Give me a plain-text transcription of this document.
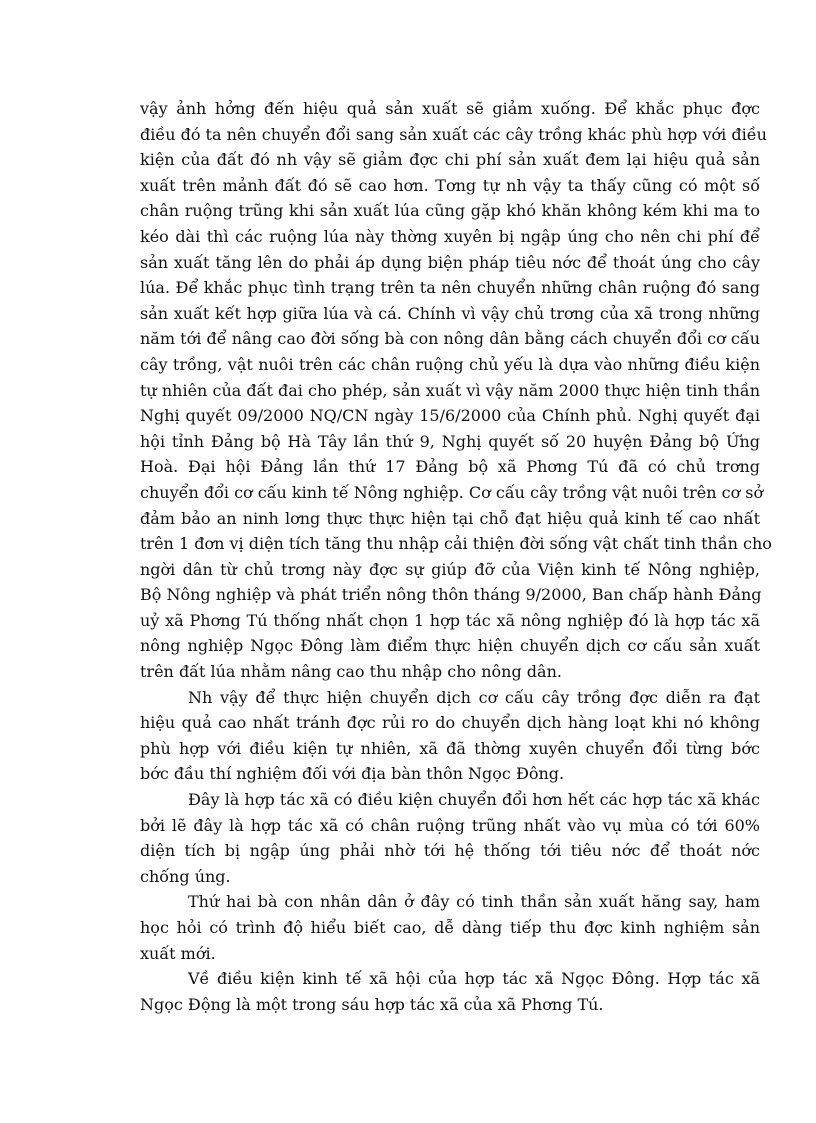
vậy ảnh hởng đến hiệu quả sản xuất sẽ giảm xuống. Để khắc phục đợc
điều đó ta nên chuyển đổi sang sản xuất các cây trồng khác phù hợp với điều
kiện của đất đó nh vậy sẽ giảm đợc chi phí sản xuất đem lại hiệu quả sản
xuất trên mảnh đất đó sẽ cao hơn. Tơng tự nh vậy ta thấy cũng có một số
chân ruộng trũng khi sản xuất lúa cũng gặp khó khăn không kém khi ma to
kéo dài thì các ruộng lúa này thờng xuyên bị ngập úng cho nên chi phí để
sản xuất tăng lên do phải áp dụng biện pháp tiêu nớc để thoát úng cho cây
lúa. Để khắc phục tình trạng trên ta nên chuyển những chân ruộng đó sang
sản xuất kết hợp giữa lúa và cá. Chính vì vậy chủ trơng của xã trong những
năm tới để nâng cao đời sống bà con nông dân bằng cách chuyển đổi cơ cấu
cây trồng, vật nuôi trên các chân ruộng chủ yếu là dựa vào những điều kiện
tự nhiên của đất đai cho phép, sản xuất vì vậy năm 2000 thực hiện tinh thần
Nghị quyết 09/2000 NQ/CN ngày 15/6/2000 của Chính phủ. Nghị quyết đại
hội tỉnh Đảng bộ Hà Tây lần thứ 9, Nghị quyết số 20 huyện Đảng bộ Ứng
Hoà. Đại hội Đảng lần thứ 17 Đảng bộ xã Phơng Tú đã có chủ trơng
chuyển đổi cơ cấu kinh tế Nông nghiệp. Cơ cấu cây trồng vật nuôi trên cơ sở
đảm bảo an ninh lơng thực thực hiện tại chỗ đạt hiệu quả kinh tế cao nhất
trên 1 đơn vị diện tích tăng thu nhập cải thiện đời sống vật chất tinh thần cho
ngời dân từ chủ trơng này đợc sự giúp đỡ của Viện kinh tế Nông nghiệp,
Bộ Nông nghiệp và phát triển nông thôn tháng 9/2000, Ban chấp hành Đảng
uỷ xã Phơng Tú thống nhất chọn 1 hợp tác xã nông nghiệp đó là hợp tác xã
nông nghiệp Ngọc Đông làm điểm thực hiện chuyển dịch cơ cấu sản xuất
trên đất lúa nhằm nâng cao thu nhập cho nông dân.
Nh vậy để thực hiện chuyển dịch cơ cấu cây trồng đợc diễn ra đạt
hiệu quả cao nhất tránh đợc rủi ro do chuyển dịch hàng loạt khi nó không
phù hợp với điều kiện tự nhiên, xã đã thờng xuyên chuyển đổi từng bớc
bớc đầu thí nghiệm đối với địa bàn thôn Ngọc Đông.
Đây là hợp tác xã có điều kiện chuyển đổi hơn hết các hợp tác xã khác
bởi lẽ đây là hợp tác xã có chân ruộng trũng nhất vào vụ mùa có tới 60%
diện tích bị ngập úng phải nhờ tới hệ thống tới tiêu nớc để thoát nớc
chống úng.
Thứ hai bà con nhân dân ở đây có tinh thần sản xuất hăng say, ham
học hỏi có trình độ hiểu biết cao, dễ dàng tiếp thu đợc kinh nghiệm sản
xuất mới.
Về điều kiện kinh tế xã hội của hợp tác xã Ngọc Đông. Hợp tác xã
Ngọc Động là một trong sáu hợp tác xã của xã Phơng Tú.
